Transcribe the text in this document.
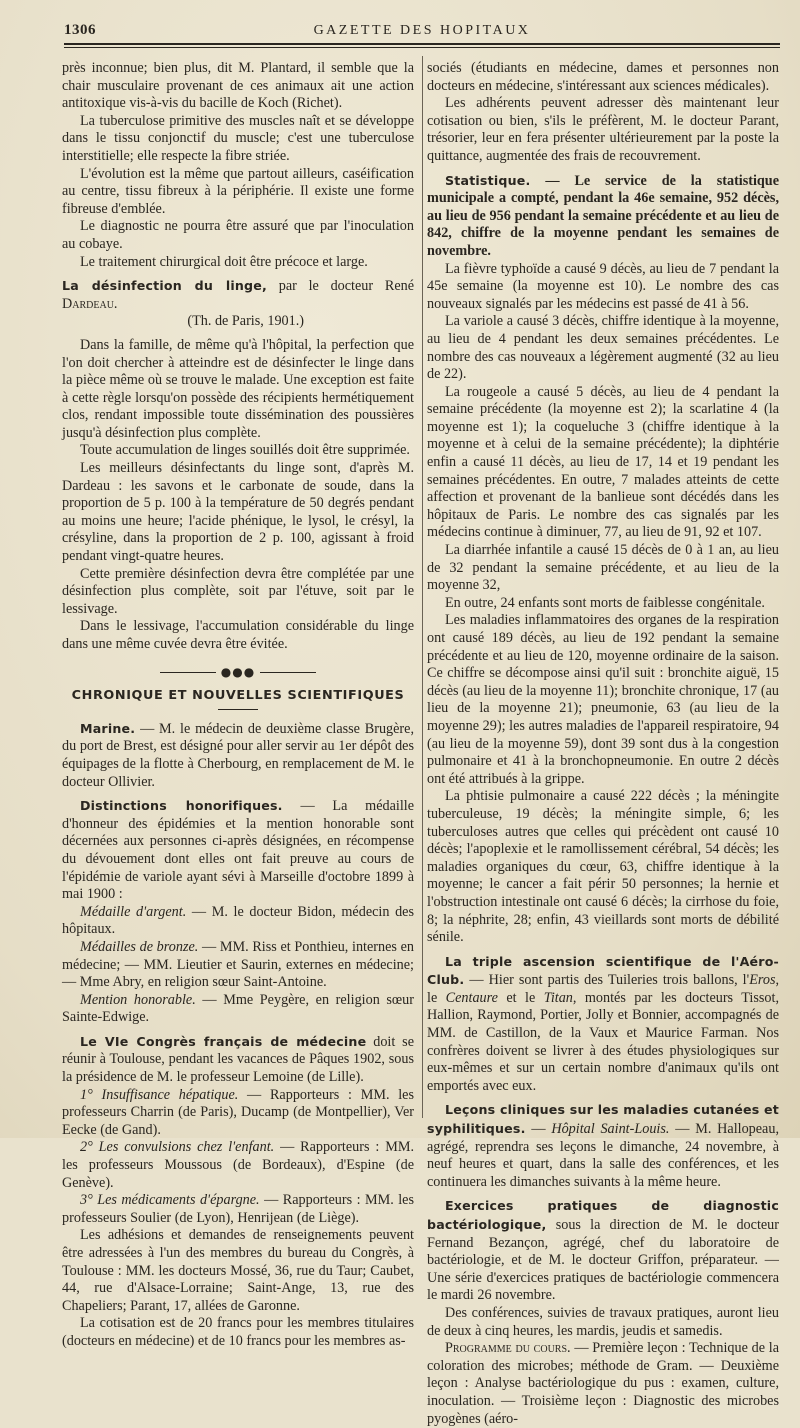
1306	GAZETTE DES HOPITAUX

près inconnue; bien plus, dit M. Plantard, il semble que la chair musculaire provenant de ces animaux ait une action antitoxique vis-à-vis du bacille de Koch (Richet).

La tuberculose primitive des muscles naît et se développe dans le tissu conjonctif du muscle; c'est une tuberculose interstitielle; elle respecte la fibre striée.

L'évolution est la même que partout ailleurs, caséification au centre, tissu fibreux à la périphérie. Il existe une forme fibreuse d'emblée.

Le diagnostic ne pourra être assuré que par l'inoculation au cobaye.

Le traitement chirurgical doit être précoce et large.

La désinfection du linge, par le docteur René Dardeau.

(Th. de Paris, 1901.)

Dans la famille, de même qu'à l'hôpital, la perfection que l'on doit chercher à atteindre est de désinfecter le linge dans la pièce même où se trouve le malade. Une exception est faite à cette règle lorsqu'on possède des récipients hermétiquement clos, rendant impossible toute dissémination des poussières jusqu'à désinfection plus complète.

Toute accumulation de linges souillés doit être supprimée.

Les meilleurs désinfectants du linge sont, d'après M. Dardeau : les savons et le carbonate de soude, dans la proportion de 5 p. 100 à la température de 50 degrés pendant au moins une heure; l'acide phénique, le lysol, le crésyl, la crésyline, dans la proportion de 2 p. 100, agissant à froid pendant vingt-quatre heures.

Cette première désinfection devra être complétée par une désinfection plus complète, soit par l'étuve, soit par le lessivage.

Dans le lessivage, l'accumulation considérable du linge dans une même cuvée devra être évitée.

●●●
CHRONIQUE ET NOUVELLES SCIENTIFIQUES

Marine. — M. le médecin de deuxième classe Brugère, du port de Brest, est désigné pour aller servir au 1er dépôt des équipages de la flotte à Cherbourg, en remplacement de M. le docteur Ollivier.

Distinctions honorifiques. — La médaille d'honneur des épidémies et la mention honorable sont décernées aux personnes ci-après désignées, en récompense du dévouement dont elles ont fait preuve au cours de l'épidémie de variole ayant sévi à Marseille d'octobre 1899 à mai 1900 :

Médaille d'argent. — M. le docteur Bidon, médecin des hôpitaux.

Médailles de bronze. — MM. Riss et Ponthieu, internes en médecine; — MM. Lieutier et Saurin, externes en médecine; — Mme Abry, en religion sœur Saint-Antoine.

Mention honorable. — Mme Peygère, en religion sœur Sainte-Edwige.

Le VIe Congrès français de médecine doit se réunir à Toulouse, pendant les vacances de Pâques 1902, sous la présidence de M. le professeur Lemoine (de Lille).

1° Insuffisance hépatique. — Rapporteurs : MM. les professeurs Charrin (de Paris), Ducamp (de Montpellier), Ver Eecke (de Gand).

2° Les convulsions chez l'enfant. — Rapporteurs : MM. les professeurs Moussous (de Bordeaux), d'Espine (de Genève).

3° Les médicaments d'épargne. — Rapporteurs : MM. les professeurs Soulier (de Lyon), Henrijean (de Liège).

Les adhésions et demandes de renseignements peuvent être adressées à l'un des membres du bureau du Congrès, à Toulouse : MM. les docteurs Mossé, 36, rue du Taur; Caubet, 44, rue d'Alsace-Lorraine; Saint-Ange, 13, rue des Chapeliers; Parant, 17, allées de Garonne.

La cotisation est de 20 francs pour les membres titulaires (docteurs en médecine) et de 10 francs pour les membres as-

sociés (étudiants en médecine, dames et personnes non docteurs en médecine, s'intéressant aux sciences médicales).

Les adhérents peuvent adresser dès maintenant leur cotisation ou bien, s'ils le préfèrent, M. le docteur Parant, trésorier, leur en fera présenter ultérieurement par la poste la quittance, augmentée des frais de recouvrement.

Statistique. — Le service de la statistique municipale a compté, pendant la 46e semaine, 952 décès, au lieu de 956 pendant la semaine précédente et au lieu de 842, chiffre de la moyenne pendant les semaines de novembre.

La fièvre typhoïde a causé 9 décès, au lieu de 7 pendant la 45e semaine (la moyenne est 10). Le nombre des cas nouveaux signalés par les médecins est passé de 41 à 56.

La variole a causé 3 décès, chiffre identique à la moyenne, au lieu de 4 pendant les deux semaines précédentes. Le nombre des cas nouveaux a légèrement augmenté (32 au lieu de 22).

La rougeole a causé 5 décès, au lieu de 4 pendant la semaine précédente (la moyenne est 2); la scarlatine 4 (la moyenne est 1); la coqueluche 3 (chiffre identique à la moyenne et à celui de la semaine précédente); la diphtérie enfin a causé 11 décès, au lieu de 17, 14 et 19 pendant les semaines précédentes. En outre, 7 malades atteints de cette affection et provenant de la banlieue sont décédés dans les hôpitaux de Paris. Le nombre des cas signalés par les médecins continue à diminuer, 77, au lieu de 91, 92 et 107.

La diarrhée infantile a causé 15 décès de 0 à 1 an, au lieu de 32 pendant la semaine précédente, et au lieu de la moyenne 32,

En outre, 24 enfants sont morts de faiblesse congénitale.

Les maladies inflammatoires des organes de la respiration ont causé 189 décès, au lieu de 192 pendant la semaine précédente et au lieu de 120, moyenne ordinaire de la saison. Ce chiffre se décompose ainsi qu'il suit : bronchite aiguë, 15 décès (au lieu de la moyenne 11); bronchite chronique, 17 (au lieu de la moyenne 21); pneumonie, 63 (au lieu de la moyenne 29); les autres maladies de l'appareil respiratoire, 94 (au lieu de la moyenne 59), dont 39 sont dus à la congestion pulmonaire et 41 à la bronchopneumonie. En outre 2 décès ont été attribués à la grippe.

La phtisie pulmonaire a causé 222 décès ; la méningite tuberculeuse, 19 décès; la méningite simple, 6; les tuberculoses autres que celles qui précèdent ont causé 10 décès; l'apoplexie et le ramollissement cérébral, 54 décès; les maladies organiques du cœur, 63, chiffre identique à la moyenne; le cancer a fait périr 50 personnes; la hernie et l'obstruction intestinale ont causé 6 décès; la cirrhose du foie, 8; la néphrite, 28; enfin, 43 vieillards sont morts de débilité sénile.

La triple ascension scientifique de l'Aéro-Club. — Hier sont partis des Tuileries trois ballons, l'Eros, le Centaure et le Titan, montés par les docteurs Tissot, Hallion, Raymond, Portier, Jolly et Bonnier, accompagnés de MM. de Castillon, de la Vaux et Maurice Farman. Nos confrères doivent se livrer à des études physiologiques sur eux-mêmes et sur un certain nombre d'animaux qu'ils ont emportés avec eux.

Leçons cliniques sur les maladies cutanées et syphilitiques. — Hôpital Saint-Louis. — M. Hallopeau, agrégé, reprendra ses leçons le dimanche, 24 novembre, à neuf heures et quart, dans la salle des conférences, et les continuera les dimanches suivants à la même heure.

Exercices pratiques de diagnostic bactériologique, sous la direction de M. le docteur Fernand Bezançon, agrégé, chef du laboratoire de bactériologie, et de M. le docteur Griffon, préparateur. — Une série d'exercices pratiques de bactériologie commencera le mardi 26 novembre.

Des conférences, suivies de travaux pratiques, auront lieu de deux à cinq heures, les mardis, jeudis et samedis.

Programme du cours. — Première leçon : Technique de la coloration des microbes; méthode de Gram. — Deuxième leçon : Analyse bactériologique du pus : examen, culture, inoculation. — Troisième leçon : Diagnostic des microbes pyogènes (aéro-
